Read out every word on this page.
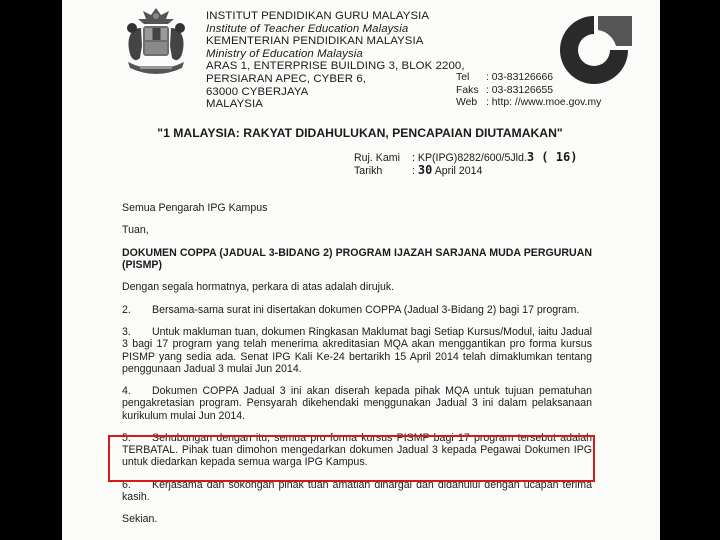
INSTITUT PENDIDIKAN GURU MALAYSIA
Institute of Teacher Education Malaysia
KEMENTERIAN PENDIDIKAN MALAYSIA
Ministry of Education Malaysia
ARAS 1, ENTERPRISE BUILDING 3, BLOK 2200,
PERSIARAN APEC, CYBER 6,
63000 CYBERJAYA
MALAYSIA
IPG
Tel : 03-83126666
Faks : 03-83126655
Web : http: //www.moe.gov.my
"1 MALAYSIA: RAKYAT DIDAHULUKAN, PENCAPAIAN DIUTAMAKAN"
Ruj. Kami : KP(IPG)8282/600/5Jld.3 ( 16)
Tarikh	: 30 April 2014

Semua Pengarah IPG Kampus

Tuan,

DOKUMEN COPPA (JADUAL 3-BIDANG 2) PROGRAM IJAZAH SARJANA MUDA PERGURUAN (PISMP)

Dengan segala hormatnya, perkara di atas adalah dirujuk.

2. Bersama-sama surat ini disertakan dokumen COPPA (Jadual 3-Bidang 2) bagi 17 program.

3. Untuk makluman tuan, dokumen Ringkasan Maklumat bagi Setiap Kursus/Modul, iaitu Jadual 3 bagi 17 program yang telah menerima akreditasian MQA akan menggantikan pro forma kursus PISMP yang sedia ada. Senat IPG Kali Ke-24 bertarikh 15 April 2014 telah dimaklumkan tentang penggunaan Jadual 3 mulai Jun 2014.

4. Dokumen COPPA Jadual 3 ini akan diserah kepada pihak MQA untuk tujuan pematuhan pengakretasian program. Pensyarah dikehendaki menggunakan Jadual 3 ini dalam pelaksanaan kurikulum mulai Jun 2014.

5. Sehubungan dengan itu, semua pro forma kursus PISMP bagi 17 program tersebut adalah TERBATAL. Pihak tuan dimohon mengedarkan dokumen Jadual 3 kepada Pegawai Dokumen IPG untuk diedarkan kepada semua warga IPG Kampus.

6. Kerjasama dan sokongan pihak tuan amatlah dihargai dan didahului dengan ucapan terima kasih.

Sekian.
